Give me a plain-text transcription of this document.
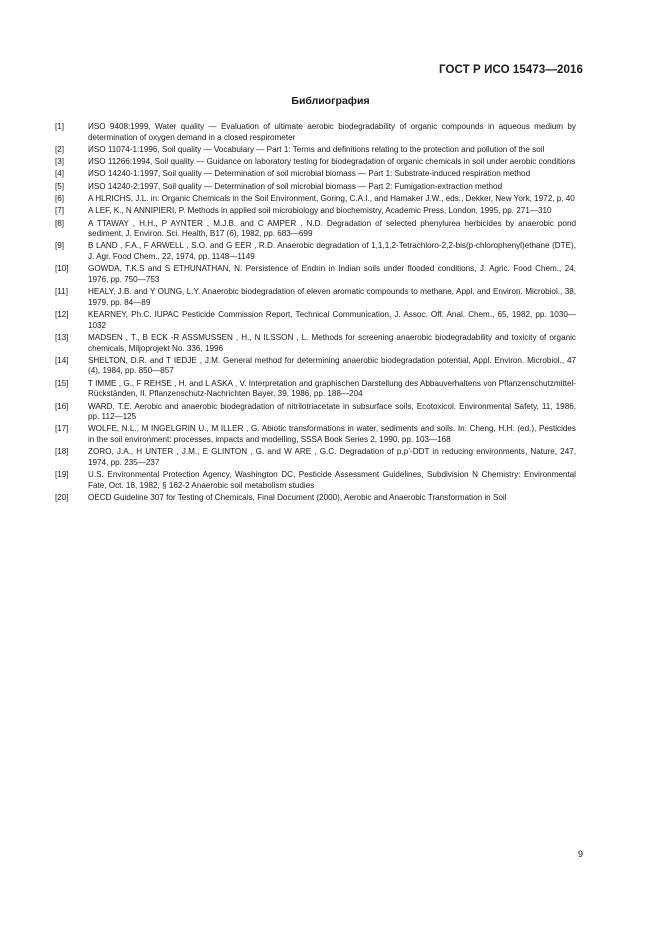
ГОСТ Р ИСО 15473—2016
Библиография
[1]	ИSO 9408:1999, Water quality — Evaluation of ultimate aerobic biodegradability of organic compounds in aqueous medium by determination of oxygen demand in a closed respirometer
[2]	ИSO 11074-1:1996, Soil quality — Vocabulary — Part 1: Terms and definitions relating to the protection and pollution of the soil
[3]	ИSO 11266:1994, Soil quality — Guidance on laboratory testing for biodegradation of organic chemicals in soil under aerobic conditions
[4]	ИSO 14240-1:1997, Soil quality — Determination of soil microbial biomass — Part 1: Substrate-induced respiration method
[5]	ИSO 14240-2:1997, Soil quality — Determination of soil microbial biomass — Part 2: Fumigation-extraction method
[6]	A HLRICHS, J.L. in: Organic Chemicals in the Soil Environment, Goring, C.A.I., and Hamaker J.W., eds., Dekker, New York, 1972, p. 40
[7]	A LEF, K., N ANNIPIERI, P. Methods in applied soil microbiology and biochemistry, Academic Press, London, 1995, pp. 271—310
[8]	A TTAWAY , H.H., P AYNTER , M.J.B. and C AMPER , N.D. Degradation of selected phenylurea herbicides by anaerobic pond sediment, J. Environ. Sci. Health, B17 (6), 1982, pp. 683—699
[9]	B LAND , F.A., F ARWELL , S.O. and G EER , R.D. Anaerobic degradation of 1,1,1,2-Tetrachloro-2,2-bis(p-chlorophenyl)ethane (DTE), J. Agr. Food Chem., 22, 1974, pp. 1148—1149
[10]	GOWDA, T.K.S and S ETHUNATHAN, N. Persistence of Endrin in Indian soils under flooded conditions, J. Agric. Food Chem., 24, 1976, pp. 750—753
[11]	HEALY, J.B. and Y OUNG, L.Y. Anaerobic biodegradation of eleven aromatic compounds to methane, Appl. and Environ. Microbiol., 38, 1979, pp. 84—89
[12]	KEARNEY, Ph.C. IUPAC Pesticide Commission Report, Technical Communication, J. Assoc. Off. Anal. Chem., 65, 1982, pp. 1030—1032
[13]	MADSEN , T., B ECK -R ASSMUSSEN , H., N ILSSON , L. Methods for screening anaerobic biodegradability and toxicity of organic chemicals, Miljoprojekt No. 336, 1996
[14]	SHELTON, D.R. and T IEDJE , J.M. General method for determining anaerobic biodegradation potential, Appl. Environ. Microbiol., 47 (4), 1984, pp. 850—857
[15]	T IMME , G., F REHSE , H. and L ASKA , V. Interpretation and graphischen Darstellung des Abbauverhaltens von Pflanzenschutzmittel-Rückständen, II. Pflanzenschutz-Nachrichten Bayer, 39, 1986, pp. 188—204
[16]	WARD, T.E. Aerobic and anaerobic biodegradation of nitrilotriacetate in subsurface soils, Ecotoxicol. Environmental Safety, 11, 1986, pp. 112—125
[17]	WOLFE, N.L., M INGELGRIN U., M ILLER , G. Abiotic transformations in water, sediments and soils. In: Cheng, H.H. (ed.), Pesticides in the soil environment: processes, impacts and modelling, SSSA Book Series 2, 1990, pp. 103—168
[18]	ZORO, J.A., H UNTER , J.M., E GLINTON , G. and W ARE , G.C. Degradation of p,p’-DDT in reducing environments, Nature, 247, 1974, pp. 235—237
[19]	U.S. Environmental Protection Agency, Washington DC, Pesticide Assessment Guidelines, Subdivision N Chemistry: Environmental Fate, Oct. 18, 1982, § 162-2 Anaerobic soil metabolism studies
[20]	OECD Guideline 307 for Testing of Chemicals, Final Document (2000), Aerobic and Anaerobic Transformation in Soil
9
